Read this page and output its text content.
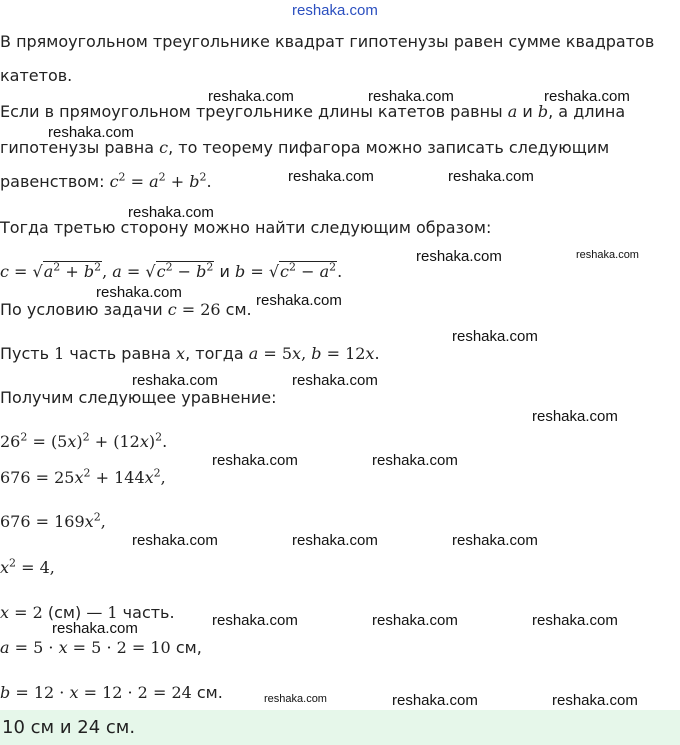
reshaka.com
В прямоугольном треугольнике квадрат гипотенузы равен сумме квадратов
катетов.
Если в прямоугольном треугольнике длины катетов равны a и b, а длина
гипотенузы равна c, то теорему пифагора можно записать следующим
равенством: $c^2 = a^2 + b^2$.
Тогда третью сторону можно найти следующим образом:
$c = √a^2 + b^2$, $a = √c^2 - b^2$ и $b = √c^2 - a^2$.
По условию задачи c = 26 см.
Пусть 1 часть равна x, тогда a = 5x, b = 12x.
Получим следующее уравнение:
$26^2 = (5x)^2 + (12x)^2$.
$676 = 25x^2 + 144x^2$,
$676 = 169x^2$,
$x^2 = 4$,
x = 2 (см) — 1 часть.
a = 5 · x = 5 · 2 = 10 см,
b = 12 · x = 12 · 2 = 24 см.
10 см и 24 см.
reshaka.com	reshaka.com	reshaka.com
reshaka.com
reshaka.com	reshaka.com
reshaka.com
reshaka.com	reshaka.com
reshaka.com	reshaka.com
reshaka.com
reshaka.com	reshaka.com
reshaka.com
reshaka.com	reshaka.com
reshaka.com	reshaka.com	reshaka.com
reshaka.com	reshaka.com	reshaka.com
reshaka.com
reshaka.com	reshaka.com	reshaka.com
